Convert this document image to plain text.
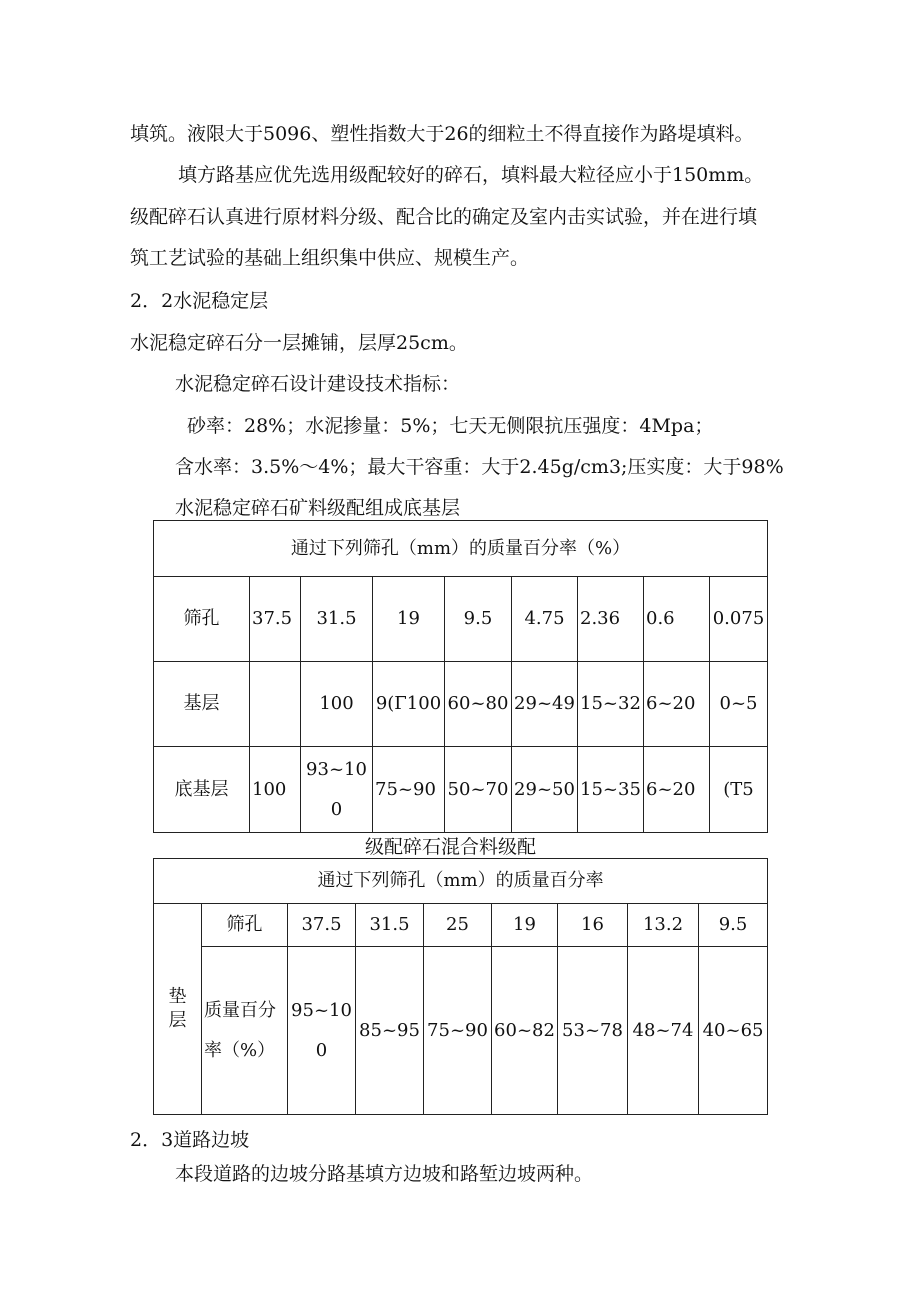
填筑。液限大于5096、塑性指数大于26的细粒土不得直接作为路堤填料。
填方路基应优先选用级配较好的碎石，填料最大粒径应小于150mm。
级配碎石认真进行原材料分级、配合比的确定及室内击实试验，并在进行填
筑工艺试验的基础上组织集中供应、规模生产。
2．2水泥稳定层
水泥稳定碎石分一层摊铺，层厚25cm。
水泥稳定碎石设计建设技术指标：
砂率：28%；水泥掺量：5%；七天无侧限抗压强度：4Mpa；
含水率：3.5%～4%；最大干容重：大于2.45g∕cm3;压实度：大于98%
水泥稳定碎石矿料级配组成底基层
通过下列筛孔（mm）的质量百分率（%）								
筛孔	37.5	31.5	19	9.5	4.75	2.36	0.6	0.075
基层		100	9(Γ100	60~80	29~49	15~32	6~20	0~5
底基层	100	93~100	75~90	50~70	29~50	15~35	6~20	(T5
级配碎石混合料级配
通过下列筛孔（mm）的质量百分率								
垫层	筛孔	37.5	31.5	25	19	16	13.2	9.5
	质量百分率（%）	95~100	85~95	75~90	60~82	53~78	48~74	40~65
2．3道路边坡
本段道路的边坡分路基填方边坡和路堑边坡两种。
